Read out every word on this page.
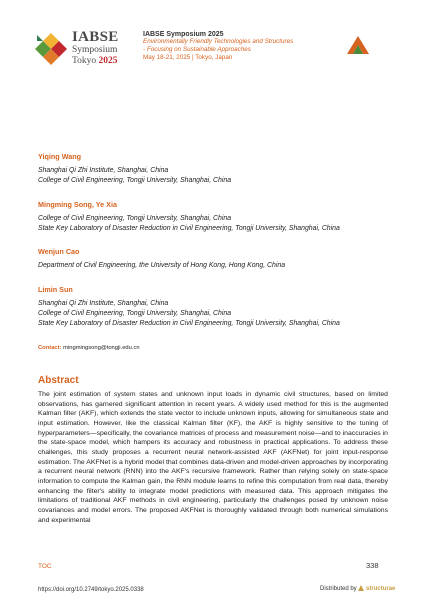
IABSE
Symposium
Tokyo 2025
IABSE Symposium 2025
Environmentally Friendly Technologies and Structures
- Focusing on Sustainable Approaches
May 18-21, 2025 | Tokyo, Japan
Yiqing Wang
Shanghai Qi Zhi Institute, Shanghai, China
College of Civil Engineering, Tongji University, Shanghai, China
Mingming Song, Ye Xia
College of Civil Engineering, Tongji University, Shanghai, China
State Key Laboratory of Disaster Reduction in Civil Engineering, Tongji University, Shanghai, China
Wenjun Cao
Department of Civil Engineering, the University of Hong Kong, Hong Kong, China
Limin Sun
Shanghai Qi Zhi Institute, Shanghai, China
College of Civil Engineering, Tongji University, Shanghai, China
State Key Laboratory of Disaster Reduction in Civil Engineering, Tongji University, Shanghai, China
Contact: mingmingsong@tongji.edu.cn
Abstract
The joint estimation of system states and unknown input loads in dynamic civil structures, based on limited observations, has garnered significant attention in recent years. A widely used method for this is the augmented Kalman filter (AKF), which extends the state vector to include unknown inputs, allowing for simultaneous state and input estimation. However, like the classical Kalman filter (KF), the AKF is highly sensitive to the tuning of hyperparameters—specifically, the covariance matrices of process and measurement noise—and to inaccuracies in the state-space model, which hampers its accuracy and robustness in practical applications. To address these challenges, this study proposes a recurrent neural network-assisted AKF (AKFNet) for joint input-response estimation. The AKFNet is a hybrid model that combines data-driven and model-driven approaches by incorporating a recurrent neural network (RNN) into the AKF's recursive framework. Rather than relying solely on state-space information to compute the Kalman gain, the RNN module learns to refine this computation from real data, thereby enhancing the filter's ability to integrate model predictions with measured data. This approach mitigates the limitations of traditional AKF methods in civil engineering, particularly the challenges posed by unknown noise covariances and model errors. The proposed AKFNet is thoroughly validated through both numerical simulations and experimental
TOC	338
https://doi.org/10.2749/tokyo.2025.0338	Distributed by structurae
